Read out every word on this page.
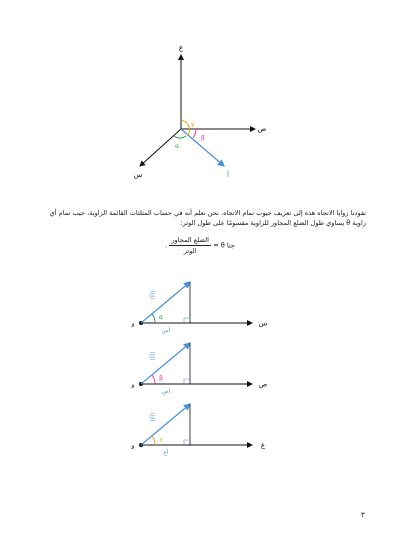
ع
ص
س	أ
γ
β
α

تقودنا زوايا الاتجاه هذه إلى تعريف جيوب تمام الاتجاه. نحن نعلم أنه في حساب المثلثات القائمة الزاوية، جيب تمام أي زاوية θ يساوي طول الضلع المجاور للزاوية مقسومًا على طول الوتر:

جتا θ =
$\frac{\text{الضلع المجاور}}{\text{الوتر}}$
.
و	س
α
أس
||أ||
و	ص
β
أص
||أ||
و	ع
γ
أع
||أ||
٣
